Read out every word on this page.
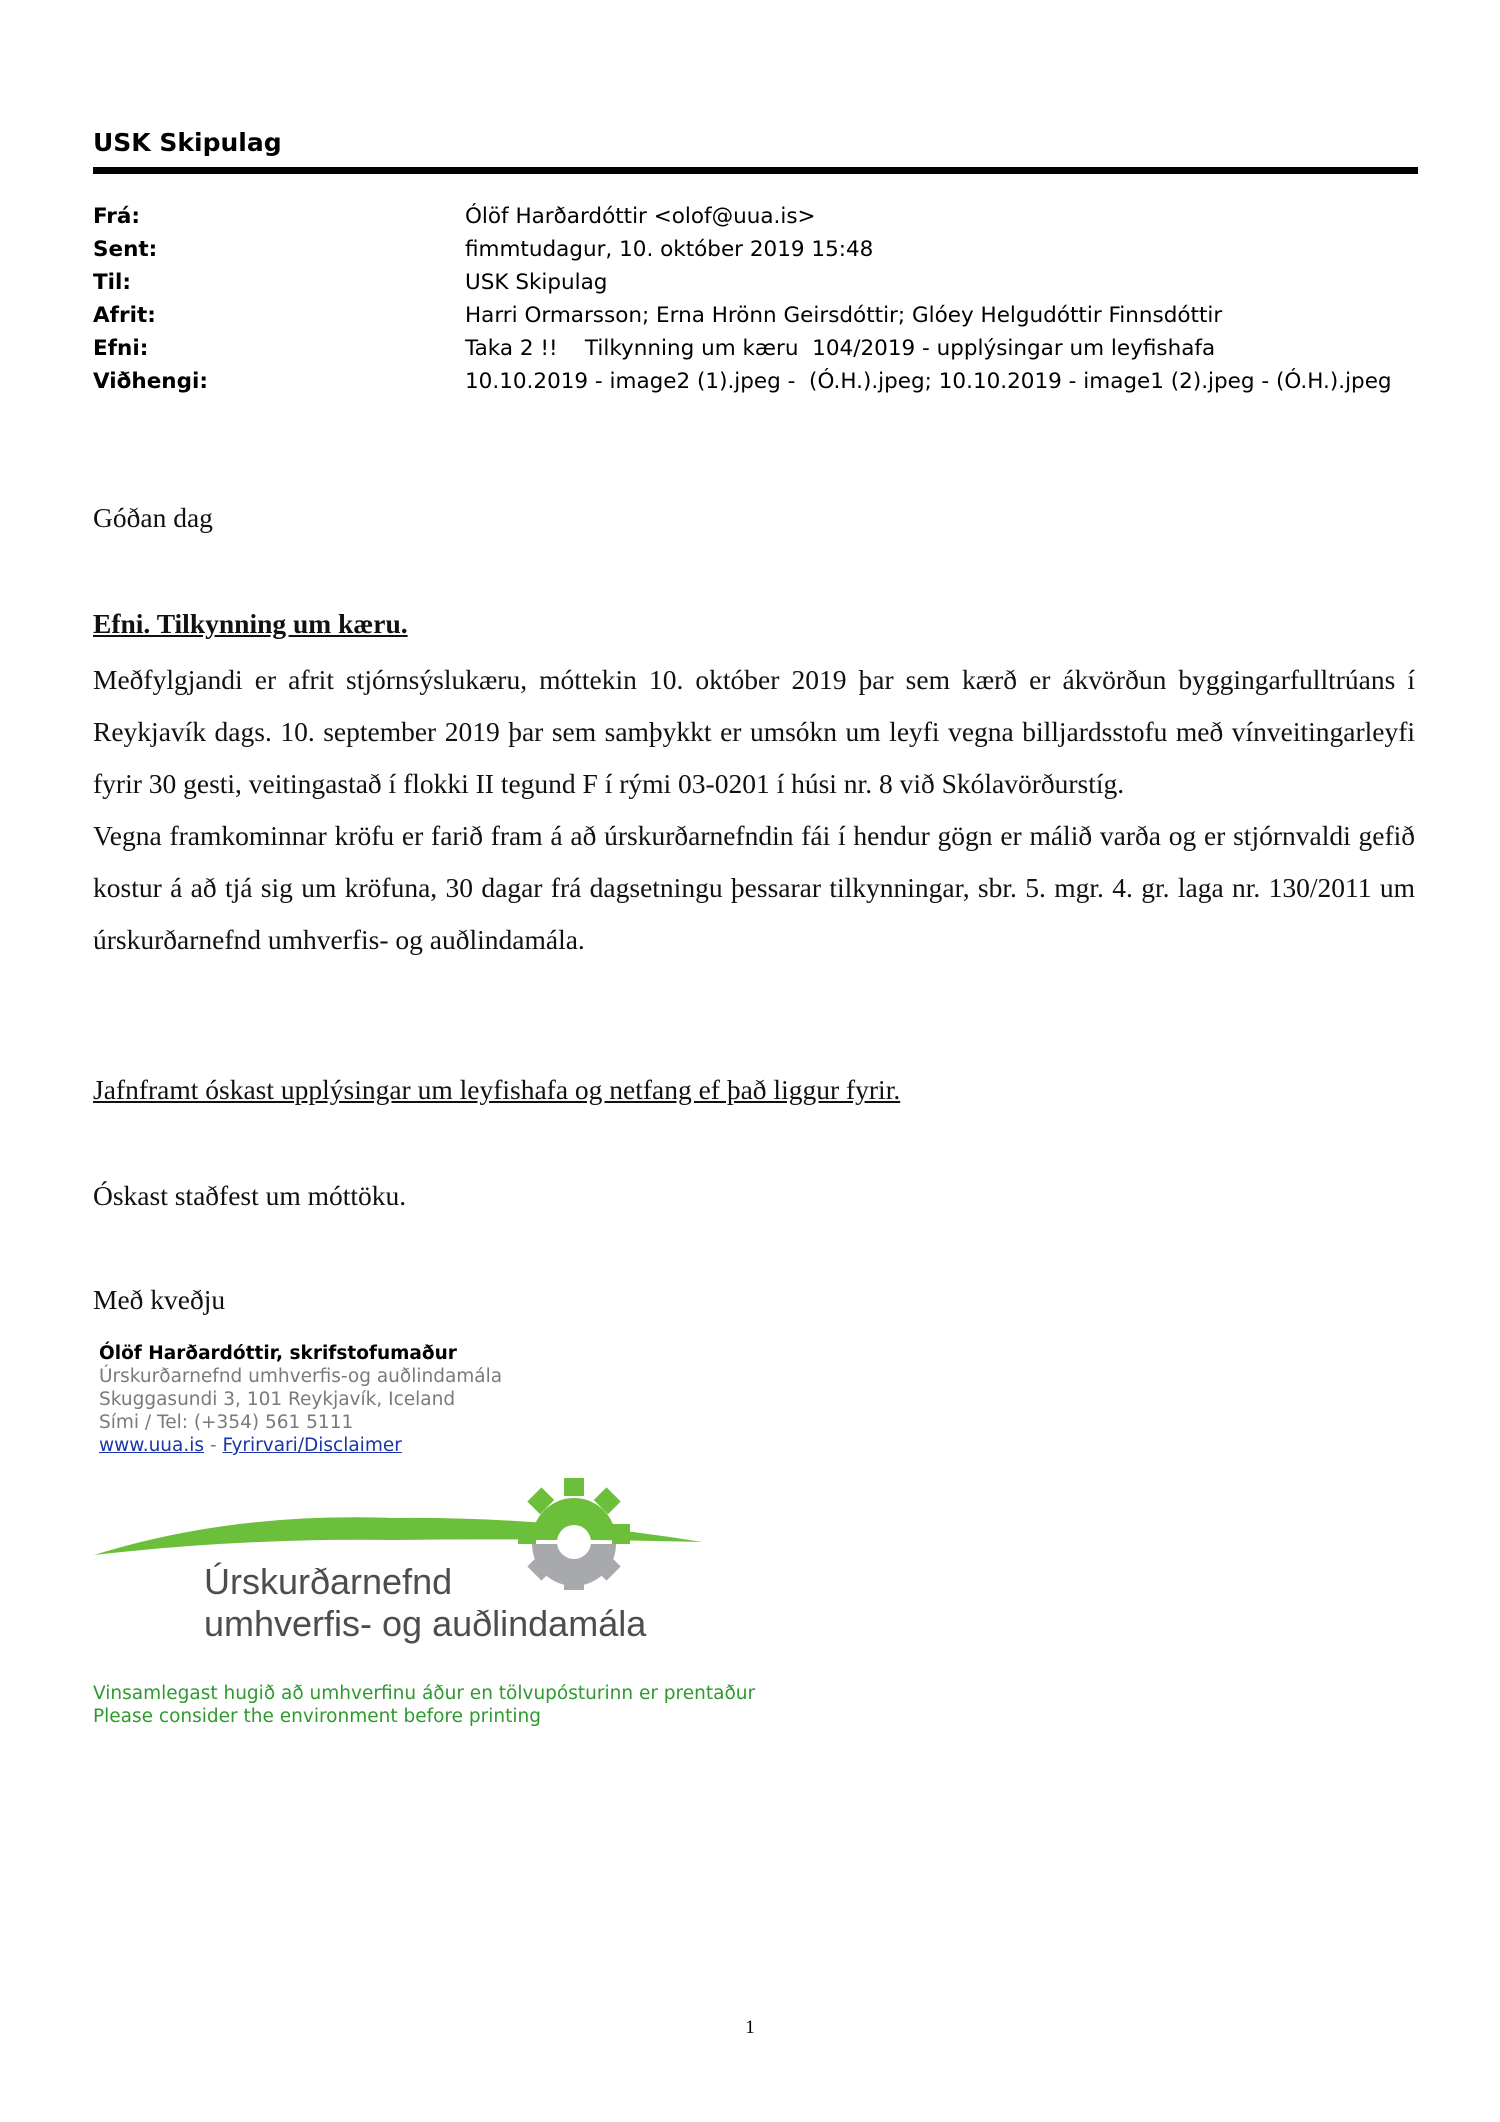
USK Skipulag
Frá:	Ólöf Harðardóttir <olof@uua.is>
Sent:	fimmtudagur, 10. október 2019 15:48
Til:	USK Skipulag
Afrit:	Harri Ormarsson; Erna Hrönn Geirsdóttir; Glóey Helgudóttir Finnsdóttir
Efni:	Taka 2 !!    Tilkynning um kæru  104/2019 - upplýsingar um leyfishafa
Viðhengi:	10.10.2019 - image2 (1).jpeg -  (Ó.H.).jpeg; 10.10.2019 - image1 (2).jpeg - (Ó.H.).jpeg
Góðan dag
Efni. Tilkynning um kæru.
Meðfylgjandi er afrit stjórnsýslukæru, móttekin 10. október 2019 þar sem kærð er ákvörðun byggingarfulltrúans í Reykjavík dags. 10. september 2019 þar sem samþykkt er umsókn um leyfi vegna billjardsstofu með vínveitingarleyfi fyrir 30 gesti, veitingastað í flokki II tegund F í rými 03-0201 í húsi nr. 8 við Skólavörðurstíg.
Vegna framkominnar kröfu er farið fram á að úrskurðarnefndin fái í hendur gögn er málið varða og er stjórnvaldi gefið kostur á að tjá sig um kröfuna, 30 dagar frá dagsetningu þessarar tilkynningar, sbr. 5. mgr. 4. gr. laga nr. 130/2011 um úrskurðarnefnd umhverfis- og auðlindamála.
Jafnframt óskast upplýsingar um leyfishafa og netfang ef það liggur fyrir.
Óskast staðfest um móttöku.
Með kveðju
Ólöf Harðardóttir, skrifstofumaður
Úrskurðarnefnd umhverfis-og auðlindamála
Skuggasundi 3, 101 Reykjavík, Iceland
Sími / Tel: (+354) 561 5111
www.uua.is - Fyrirvari/Disclaimer
Úrskurðarnefnd
umhverfis- og auðlindamála
Vinsamlegast hugið að umhverfinu áður en tölvupósturinn er prentaður
Please consider the environment before printing
1
